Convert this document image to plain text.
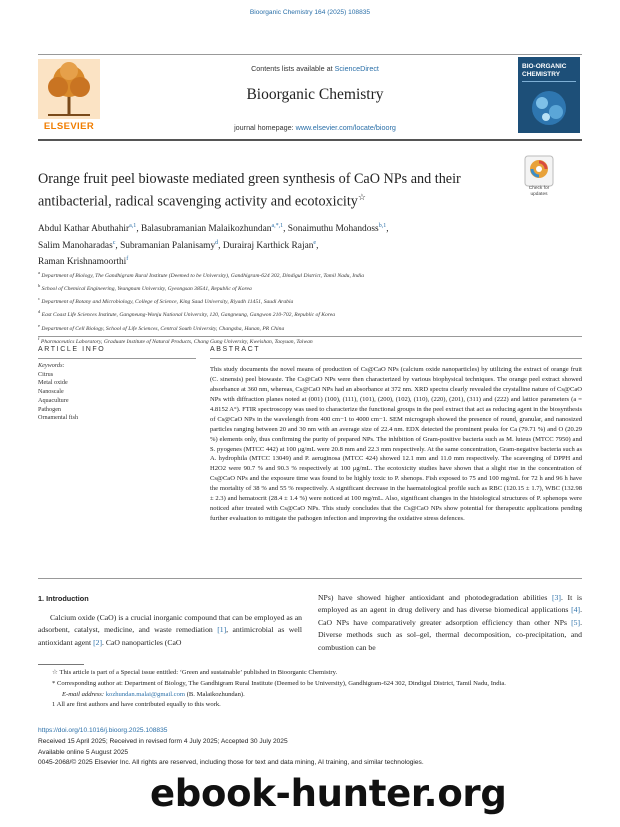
Bioorganic Chemistry 164 (2025) 108835
ELSEVIER
Contents lists available at ScienceDirect
Bioorganic Chemistry
journal homepage: www.elsevier.com/locate/bioorg
BIO-ORGANIC
CHEMISTRY
Check for
updates
Orange fruit peel biowaste mediated green synthesis of CaO NPs and their antibacterial, radical scavenging activity and ecotoxicity☆
Abdul Kathar Abuthahir$^{a,1}$, Balasubramanian Malaikozhundan$^{a,*,1}$, Sonaimuthu Mohandoss$^{b,1}$,
Salim Manoharadas$^c$, Subramanian Palanisamy$^d$, Durairaj Karthick Rajan$^e$,
Raman Krishnamoorthi$^f$
$^a$ Department of Biology, The Gandhigram Rural Institute (Deemed to be University), Gandhigram-624 302, Dindigul District, Tamil Nadu, India
$^b$ School of Chemical Engineering, Yeungnam University, Gyeongsan 38541, Republic of Korea
$^c$ Department of Botany and Microbiology, College of Science, King Saud University, Riyadh 11451, Saudi Arabia
$^d$ East Coast Life Sciences Institute, Gangneung-Wonju National University, 120, Gangneung, Gangwon 210-702, Republic of Korea
$^e$ Department of Cell Biology, School of Life Sciences, Central South University, Changsha, Hunan, PR China
$^f$ Pharmaceutics Laboratory, Graduate Institute of Natural Products, Chang Gung University, Kweishan, Taoyuan, Taiwan
ARTICLE INFO
Keywords:
Citrus
Metal oxide
Nanoscale
Aquaculture
Pathogen
Ornamental fish
ABSTRACT
This study documents the novel means of production of Cs@CaO NPs (calcium oxide nanoparticles) by utilizing the extract of orange fruit (C. sinensis) peel biowaste. The Cs@CaO NPs were then characterized by various biophysical techniques. The orange peel extract showed absorbance at 360 nm, whereas, Cs@CaO NPs had an absorbance at 372 nm. XRD spectra clearly revealed the crystalline nature of Cs@CaO NPs with diffraction planes noted at (001) (100), (111), (101), (200), (102), (110), (220), (201), (311) and (222) and lattice parameters (a = 4.8152 A°). FTIR spectroscopy was used to characterize the functional groups in the peel extract that act as reducing agent in the biosynthesis of Cs@CaO NPs in the wavelength from 400 cm−1 to 4000 cm−1. SEM micrograph showed the presence of round, granular, and nanosized particles ranging between 20 and 30 nm with an average size of 22.4 nm. EDX detected the prominent peaks for Ca (79.71 %) and O (20.29 %) elements only, thus confirming the purity of prepared NPs. The inhibition of Gram-positive bacteria such as M. luteus (MTCC 7950) and S. pyogenes (MTCC 442) at 100 μg/mL were 20.8 mm and 22.3 mm respectively. At the same concentration, Gram-negative bacteria such as A. hydrophila (MTCC 13049) and P. aeruginosa (MTCC 424) showed 12.1 mm and 11.0 mm respectively. The scavenging of DPPH and H2O2 were 90.7 % and 90.3 % respectively at 100 μg/mL. The ecotoxicity studies have shown that a slight rise in the concentration of Cs@CaO NPs and the exposure time was found to be highly toxic to P. shenops. Fish exposed to 75 and 100 mg/mL for 72 h and 96 h have the mortality of 38 % and 55 % respectively. A significant decrease in the haematological profile such as RBC (120.15 ± 1.7), WBC (132.98 ± 2.3) and hematocrit (28.4 ± 1.4 %) were noticed at 100 mg/mL. Also, significant changes in the histological structures of P. sphenops were noticed after treated with Cs@CaO NPs. This study concludes that the Cs@CaO NPs show potential for therapeutic applications pending further evaluation to mitigate the pathogen infection and improving the oxidative stress defences.
1. Introduction
Calcium oxide (CaO) is a crucial inorganic compound that can be employed as an adsorbent, catalyst, medicine, and waste remediation [1], antimicrobial as well antioxidant agent [2]. CaO nanoparticles (CaO
NPs) have showed higher antioxidant and photodegradation abilities [3]. It is employed as an agent in drug delivery and has diverse biomedical applications [4]. CaO NPs have comparatively greater adsorption efficiency than other NPs [5]. Diverse methods such as sol–gel, thermal decomposition, co-precipitation, and combustion can be
☆ This article is part of a Special issue entitled: ‘Green and sustainable’ published in Bioorganic Chemistry.
* Corresponding author at: Department of Biology, The Gandhigram Rural Institute (Deemed to be University), Gandhigram-624 302, Dindigul District, Tamil Nadu, India.
E-mail address: kozhundan.malai@gmail.com (B. Malaikozhundan).
1 All are first authors and have contributed equally to this work.
https://doi.org/10.1016/j.bioorg.2025.108835
Received 15 April 2025; Received in revised form 4 July 2025; Accepted 30 July 2025
Available online 5 August 2025
0045-2068/© 2025 Elsevier Inc. All rights are reserved, including those for text and data mining, AI training, and similar technologies.
ebook-hunter.org
